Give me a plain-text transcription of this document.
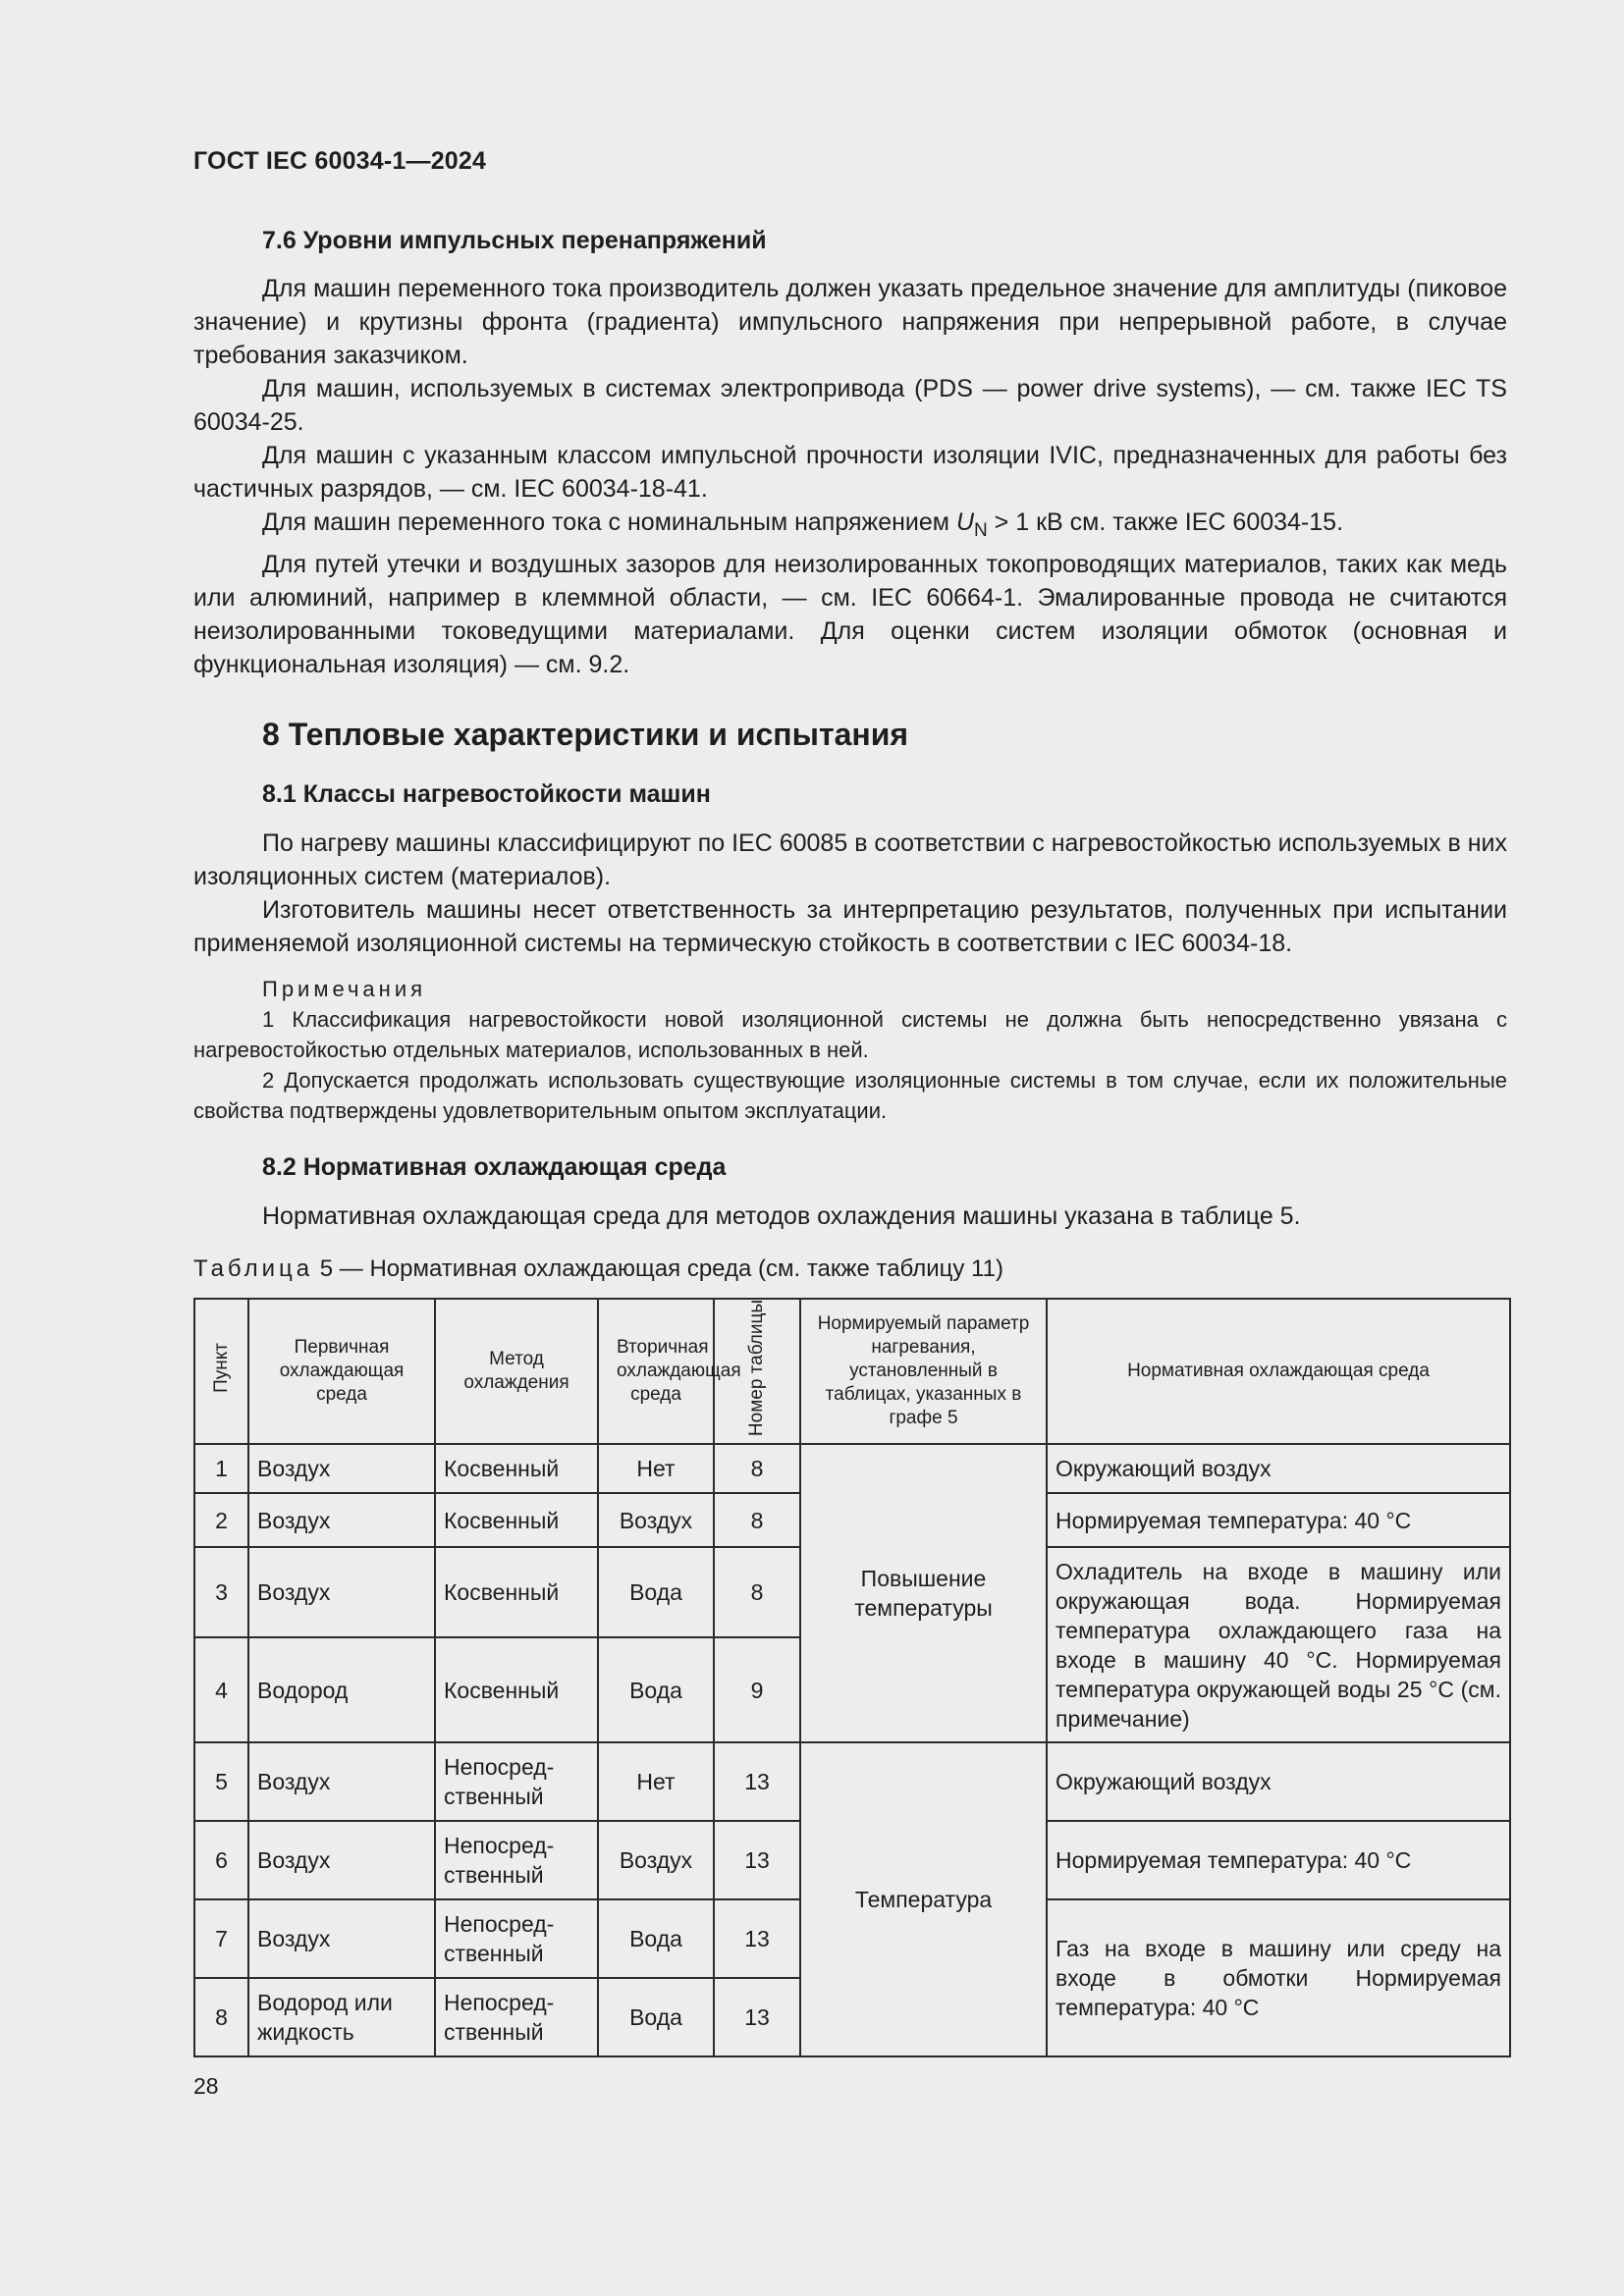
ГОСТ IEC 60034-1—2024
7.6 Уровни импульсных перенапряжений

Для машин переменного тока производитель должен указать предельное значение для амплитуды (пиковое значение) и крутизны фронта (градиента) импульсного напряжения при непрерывной работе, в случае требования заказчиком.

Для машин, используемых в системах электропривода (PDS — power drive systems), — см. также IEC TS 60034-25.

Для машин с указанным классом импульсной прочности изоляции IVIC, предназначенных для работы без частичных разрядов, — см. IEC 60034-18-41.

Для машин переменного тока с номинальным напряжением $U_N > 1$ кВ см. также IEC 60034-15.

Для путей утечки и воздушных зазоров для неизолированных токопроводящих материалов, таких как медь или алюминий, например в клеммной области, — см. IEC 60664-1. Эмалированные провода не считаются неизолированными токоведущими материалами. Для оценки систем изоляции обмоток (основная и функциональная изоляция) — см. 9.2.

8 Тепловые характеристики и испытания
8.1 Классы нагревостойкости машин

По нагреву машины классифицируют по IEC 60085 в соответствии с нагревостойкостью используемых в них изоляционных систем (материалов).

Изготовитель машины несет ответственность за интерпретацию результатов, полученных при испытании применяемой изоляционной системы на термическую стойкость в соответствии с IEC 60034-18.

Примечания

1 Классификация нагревостойкости новой изоляционной системы не должна быть непосредственно увязана с нагревостойкостью отдельных материалов, использованных в ней.

2 Допускается продолжать использовать существующие изоляционные системы в том случае, если их положительные свойства подтверждены удовлетворительным опытом эксплуатации.

8.2 Нормативная охлаждающая среда

Нормативная охлаждающая среда для методов охлаждения машины указана в таблице 5.

Таблица 5 — Нормативная охлаждающая среда (см. также таблицу 11)
Пункт	Первичная охлаждающая среда	Метод охлаждения	Вторичная охлаждающая среда	Номер таблицы	Нормируемый параметр нагревания, установленный в таблицах, указанных в графе 5	Нормативная охлаждающая среда
1	Воздух	Косвенный	Нет	8	Повышение температуры	Окружающий воздух
2	Воздух	Косвенный	Воздух	8		Нормируемая температура: 40 °С
3	Воздух	Косвенный	Вода	8		Охладитель на входе в машину или окружающая вода. Нормируемая температура охлаждающего газа на входе в машину 40 °С. Нормируемая температура окружающей воды 25 °С (см. примечание)
4	Водород	Косвенный	Вода	9		
5	Воздух	Непосред-ственный	Нет	13	Температура	Окружающий воздух
6	Воздух	Непосред-ственный	Воздух	13		Нормируемая температура: 40 °С
7	Воздух	Непосред-ственный	Вода	13		Газ на входе в машину или среду на входе в обмотки Нормируемая температура: 40 °С
8	Водород или жидкость	Непосред-ственный	Вода	13		
28
